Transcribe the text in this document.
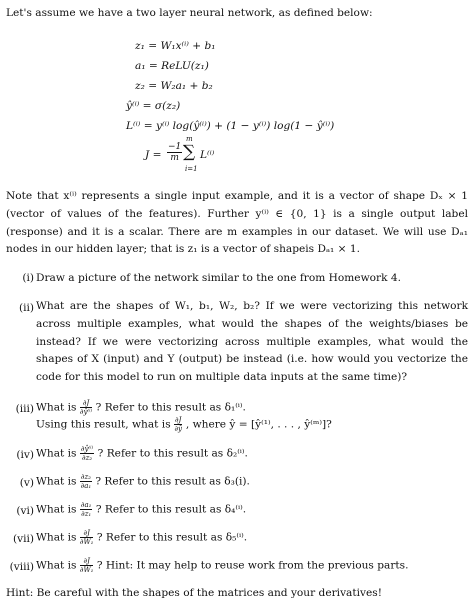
Let's assume we have a two layer neural network, as defined below:
z₁ = W₁x⁽ⁱ⁾ + b₁
a₁ = ReLU(z₁)
z₂ = W₂a₁ + b₂
ŷ⁽ⁱ⁾ = σ(z₂)
L⁽ⁱ⁾ = y⁽ⁱ⁾ log(ŷ⁽ⁱ⁾) + (1 − y⁽ⁱ⁾) log(1 − ŷ⁽ⁱ⁾)
$J = \frac{-1}{m}$
m
∑
i=1
L⁽ⁱ⁾
Note that x⁽ⁱ⁾ represents a single input example, and it is a vector of shape Dₓ × 1 (vector of values of the features). Further y⁽ⁱ⁾ ∈ {0, 1} is a single output label (response) and it is a scalar. There are m examples in our dataset. We will use Dₐ₁ nodes in our hidden layer; that is z₁ is a vector of shapeis Dₐ₁ × 1.
(i) Draw a picture of the network similar to the one from Homework 4.
(ii) What are the shapes of W₁, b₁, W₂, b₂? If we were vectorizing this network across multiple examples, what would the shapes of the weights/biases be instead? If we were vectorizing across multiple examples, what would the shapes of X (input) and Y (output) be instead (i.e. how would you vectorize the code for this model to run on multiple data inputs at the same time)?
(iii) What is $\frac{\partial J}{\text{∂ŷ⁽ⁱ⁾}}$ ? Refer to this result as δ₁⁽ⁱ⁾.
Using this result, what is $\frac{\partial J}{\partial ŷ}$ , where ŷ = [ŷ⁽¹⁾, . . . , ŷ⁽ᵐ⁾]?
(iv) What is $\frac{\text{∂ŷ⁽ⁱ⁾}}{\text{∂z₂}}$ ? Refer to this result as δ₂⁽ⁱ⁾.
(v) What is $\frac{\text{∂z₂}}{\text{∂a₁}}$ ? Refer to this result as δ₃(i).
(vi) What is $\frac{\text{∂a₁}}{\text{∂z₁}}$ ? Refer to this result as δ₄⁽ⁱ⁾.
(vii) What is $\frac{\partial J}{\text{∂W₁}}$ ? Refer to this result as δ₅⁽ⁱ⁾.
(viii) What is $\frac{\partial J}{\text{∂W₁}}$ ? Hint: It may help to reuse work from the previous parts.
Hint: Be careful with the shapes of the matrices and your derivatives!
